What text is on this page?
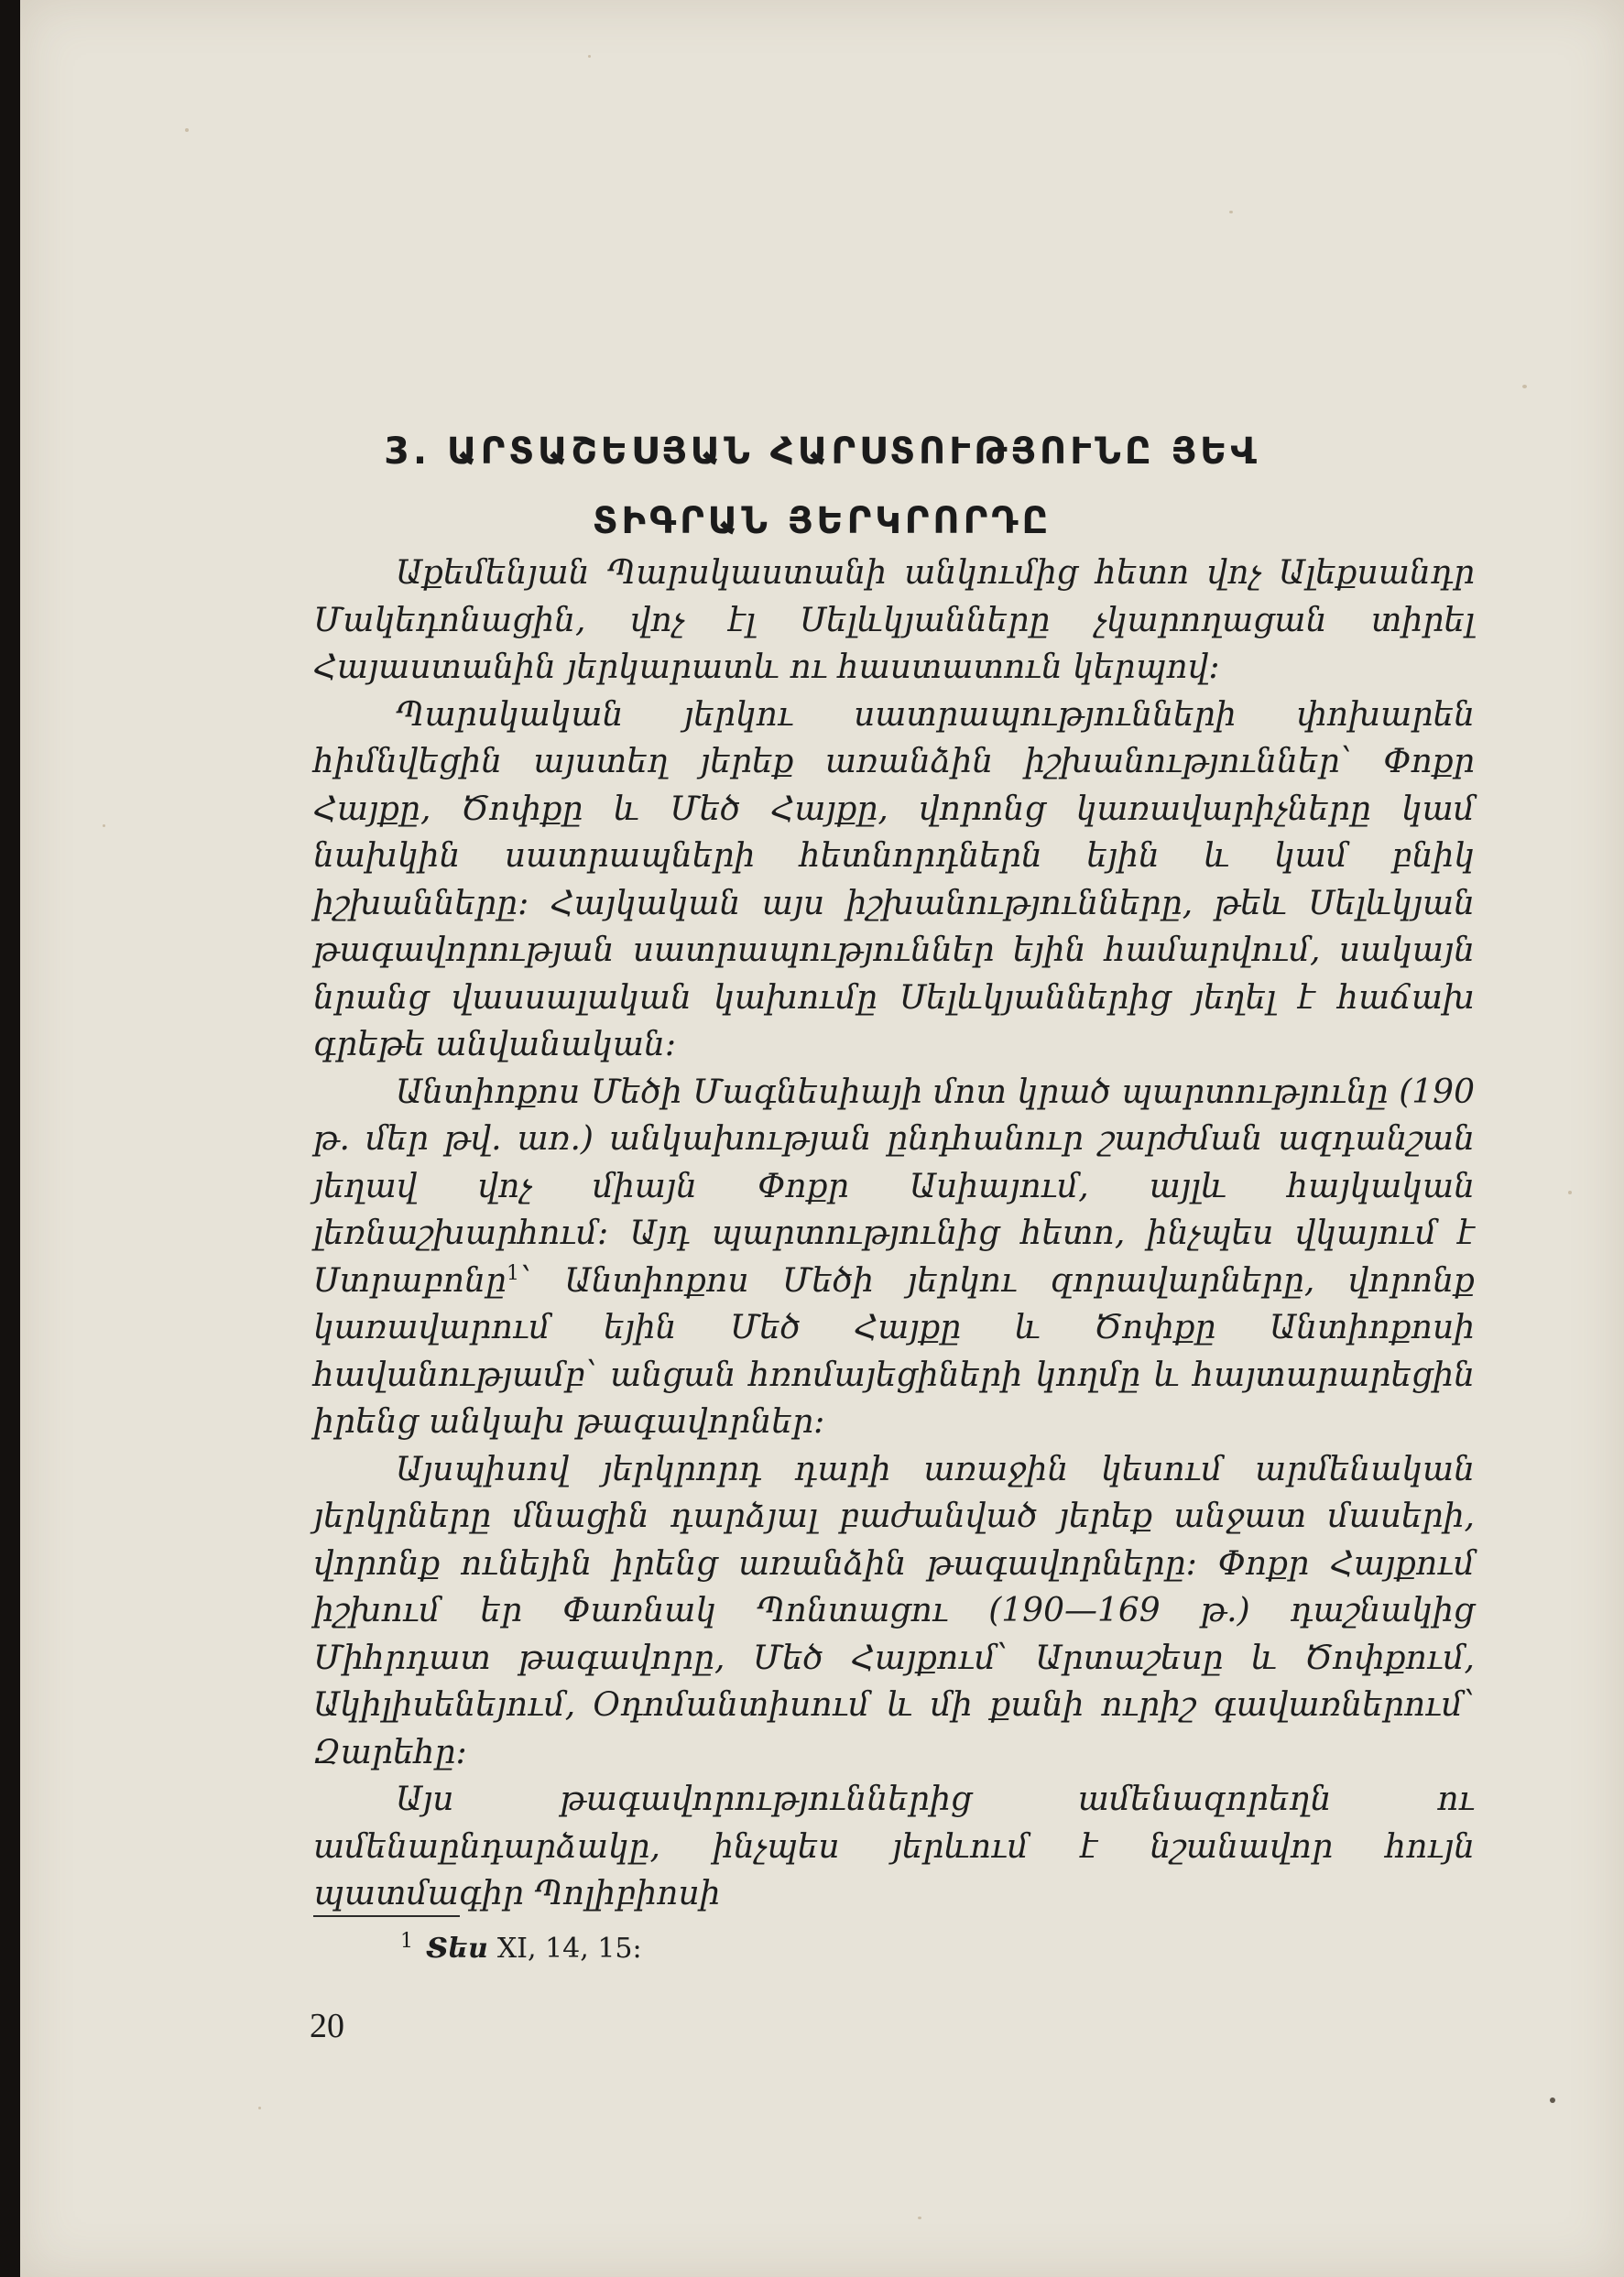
3. ԱՐՏԱՇԵՍՅԱՆ ՀԱՐՍՏՈՒԹՅՈՒՆԸ ՅԵՎ

ՏԻԳՐԱՆ ՅԵՐԿՐՈՐԴԸ

Աքեմենյան Պարսկաստանի անկումից հետո վոչ Ալեքսանդր Մակեդոնացին, վոչ էլ Սելևկյանները չկարողացան տիրել Հայաստանին յերկարատև ու հաստատուն կերպով։

Պարսկական յերկու սատրապությունների փոխարեն հիմնվեցին այստեղ յերեք առանձին իշխանություններ՝ Փոքր Հայքը, Ծոփքը և Մեծ Հայքը, վորոնց կառավարիչները կամ նախկին սատրապների հետնորդներն եյին և կամ բնիկ իշխանները։ Հայկական այս իշխանությունները, թեև Սելևկյան թագավորության սատրապություններ եյին համարվում, սակայն նրանց վասսալական կախումը Սելևկյաններից յեղել է հաճախ գրեթե անվանական։

Անտիոքոս Մեծի Մագնեսիայի մոտ կրած պարտությունը (190 թ. մեր թվ. առ.) անկախության ընդհանուր շարժման ազդանշան յեղավ վոչ միայն Փոքր Ասիայում, այլև հայկական լեռնաշխարհում։ Այդ պարտությունից հետո, ինչպես վկայում է Ստրաբոնը$^1$՝ Անտիոքոս Մեծի յերկու զորավարները, վորոնք կառավարում եյին Մեծ Հայքը և Ծոփքը Անտիոքոսի հավանությամբ՝ անցան հռոմայեցիների կողմը և հայտարարեցին իրենց անկախ թագավորներ։

Այսպիսով յերկրորդ դարի առաջին կեսում արմենական յերկրները մնացին դարձյալ բաժանված յերեք անջատ մասերի, վորոնք ունեյին իրենց առանձին թագավորները։ Փոքր Հայքում իշխում եր Փառնակ Պոնտացու (190—169 թ.) դաշնակից Միհրդատ թագավորը, Մեծ Հայքում՝ Արտաշեսը և Ծոփքում, Ակիլիսենեյում, Օդոմանտիսում և մի քանի ուրիշ գավառներում՝ Զարեհը։

Այս թագավորություններից ամենազորեղն ու ամենաընդարձակը, ինչպես յերևում է նշանավոր հույն պատմագիր Պոլիբիոսի

$^1$ Տես XI, 14, 15:
20
